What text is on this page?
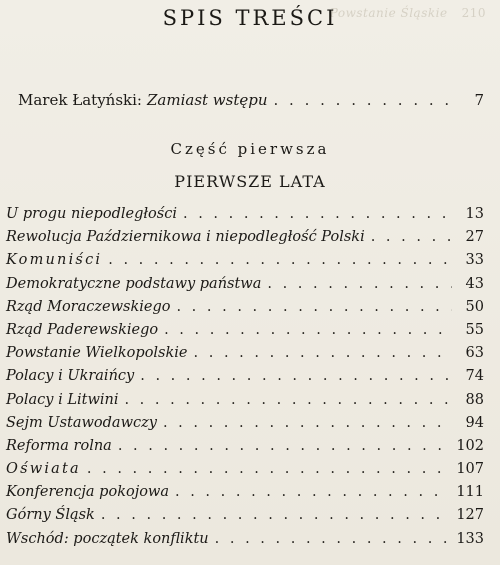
Powstanie Śląskie 210
SPIS TREŚCI
Marek Łatyński: Zamiast wstępu . . .	7
Część pierwsza
PIERWSZE LATA
U progu niepodległości . . .	13
Rewolucja Październikowa i niepodległość Polski . . .	27
Komuniści . . .	33
Demokratyczne podstawy państwa . . .	43
Rząd Moraczewskiego . . .	50
Rząd Paderewskiego . . .	55
Powstanie Wielkopolskie . . .	63
Polacy i Ukraińcy . . .	74
Polacy i Litwini . . .	88
Sejm Ustawodawczy . . .	94
Reforma rolna . . .	102
Oświata . . .	107
Konferencja pokojowa . . .	111
Górny Śląsk . . .	127
Wschód: początek konfliktu . . .	133
